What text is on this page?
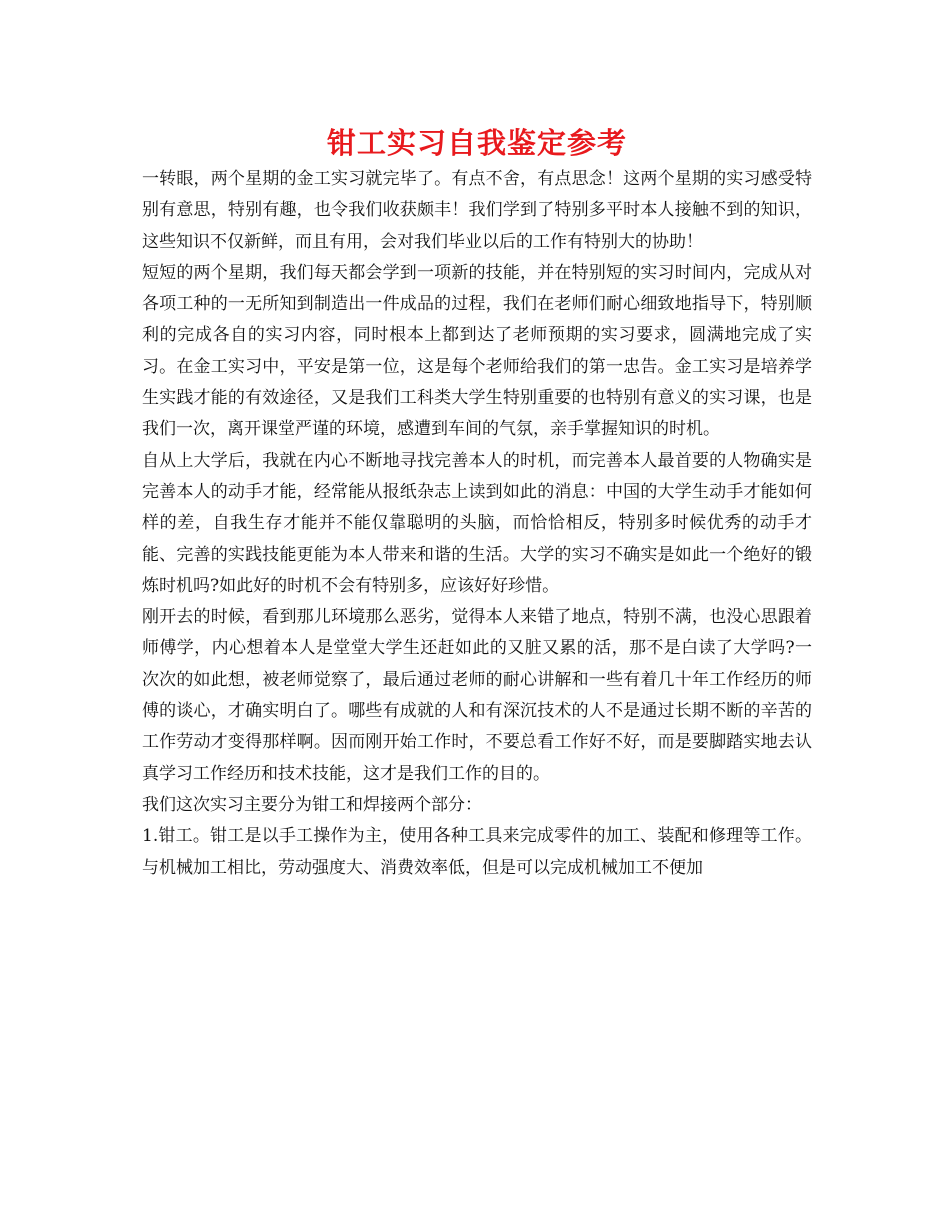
钳工实习自我鉴定参考

一转眼，两个星期的金工实习就完毕了。有点不舍，有点思念！这两个星期的实习感受特别有意思，特别有趣，也令我们收获颇丰！我们学到了特别多平时本人接触不到的知识，这些知识不仅新鲜，而且有用，会对我们毕业以后的工作有特别大的协助！

短短的两个星期，我们每天都会学到一项新的技能，并在特别短的实习时间内，完成从对各项工种的一无所知到制造出一件成品的过程，我们在老师们耐心细致地指导下，特别顺利的完成各自的实习内容，同时根本上都到达了老师预期的实习要求，圆满地完成了实习。在金工实习中，平安是第一位，这是每个老师给我们的第一忠告。金工实习是培养学生实践才能的有效途径，又是我们工科类大学生特别重要的也特别有意义的实习课，也是我们一次，离开课堂严谨的环境，感遭到车间的气氛，亲手掌握知识的时机。

自从上大学后，我就在内心不断地寻找完善本人的时机，而完善本人最首要的人物确实是完善本人的动手才能，经常能从报纸杂志上读到如此的消息：中国的大学生动手才能如何样的差，自我生存才能并不能仅靠聪明的头脑，而恰恰相反，特别多时候优秀的动手才能、完善的实践技能更能为本人带来和谐的生活。大学的实习不确实是如此一个绝好的锻炼时机吗?如此好的时机不会有特别多，应该好好珍惜。

刚开去的时候，看到那儿环境那么恶劣，觉得本人来错了地点，特别不满，也没心思跟着师傅学，内心想着本人是堂堂大学生还赶如此的又脏又累的活，那不是白读了大学吗?一次次的如此想，被老师觉察了，最后通过老师的耐心讲解和一些有着几十年工作经历的师傅的谈心，才确实明白了。哪些有成就的人和有深沉技术的人不是通过长期不断的辛苦的工作劳动才变得那样啊。因而刚开始工作时，不要总看工作好不好，而是要脚踏实地去认真学习工作经历和技术技能，这才是我们工作的目的。

我们这次实习主要分为钳工和焊接两个部分：

1.钳工。钳工是以手工操作为主，使用各种工具来完成零件的加工、装配和修理等工作。与机械加工相比，劳动强度大、消费效率低，但是可以完成机械加工不便加
